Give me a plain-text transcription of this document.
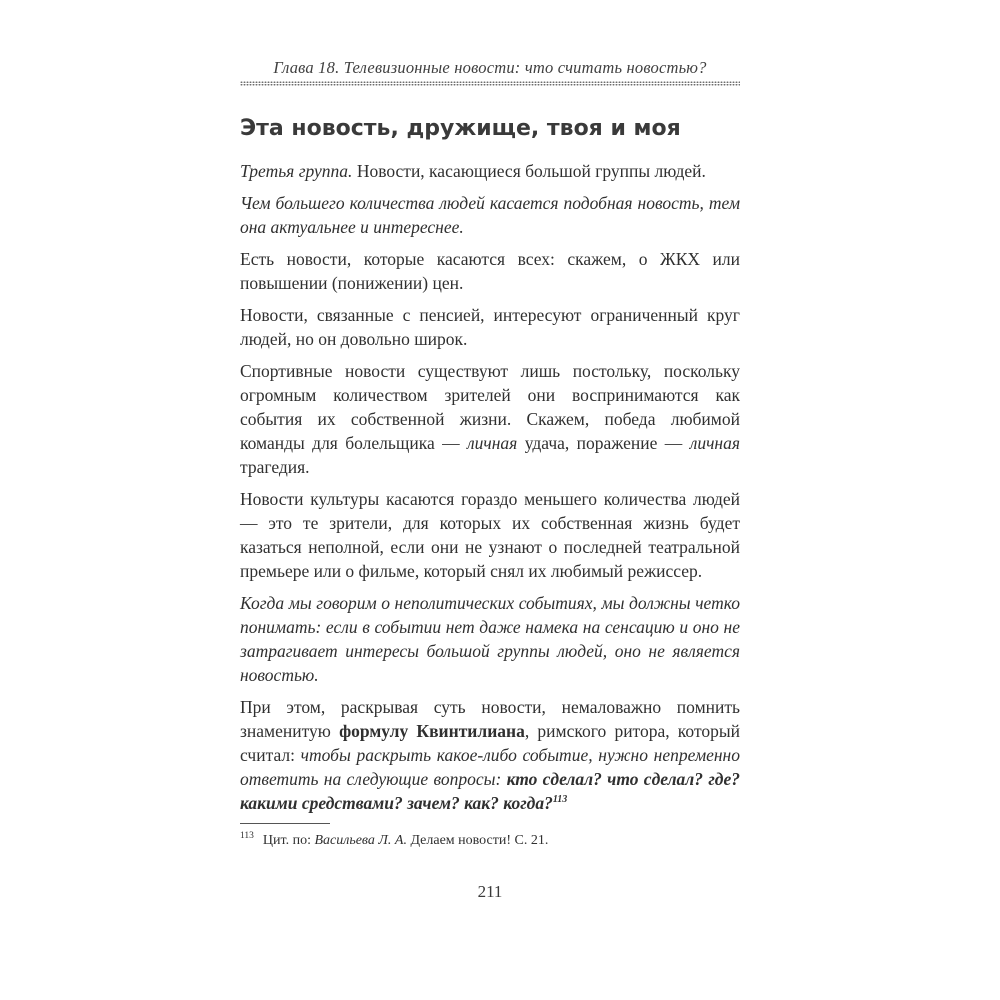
Глава 18. Телевизионные новости: что считать новостью?
Эта новость, дружище, твоя и моя

Третья группа. Новости, касающиеся большой группы людей.

Чем большего количества людей касается подобная новость, тем она актуальнее и интереснее.

Есть новости, которые касаются всех: скажем, о ЖКХ или повышении (понижении) цен.

Новости, связанные с пенсией, интересуют ограниченный круг людей, но он довольно широк.

Спортивные новости существуют лишь постольку, поскольку огромным количеством зрителей они воспринимаются как события их собственной жизни. Скажем, победа любимой команды для болельщика — личная удача, поражение — личная трагедия.

Новости культуры касаются гораздо меньшего количества людей — это те зрители, для которых их собственная жизнь будет казаться неполной, если они не узнают о последней театральной премьере или о фильме, который снял их любимый режиссер.

Когда мы говорим о неполитических событиях, мы должны четко понимать: если в событии нет даже намека на сенсацию и оно не затрагивает интересы большой группы людей, оно не является новостью.

При этом, раскрывая суть новости, немаловажно помнить знаменитую формулу Квинтилиана, римского ритора, который считал: чтобы раскрыть какое-либо событие, нужно непременно ответить на следующие вопросы: кто сделал? что сделал? где? какими средствами? зачем? как? когда?$^{113}$

$^{113}$ Цит. по: Васильева Л. А. Делаем новости! С. 21.
211
